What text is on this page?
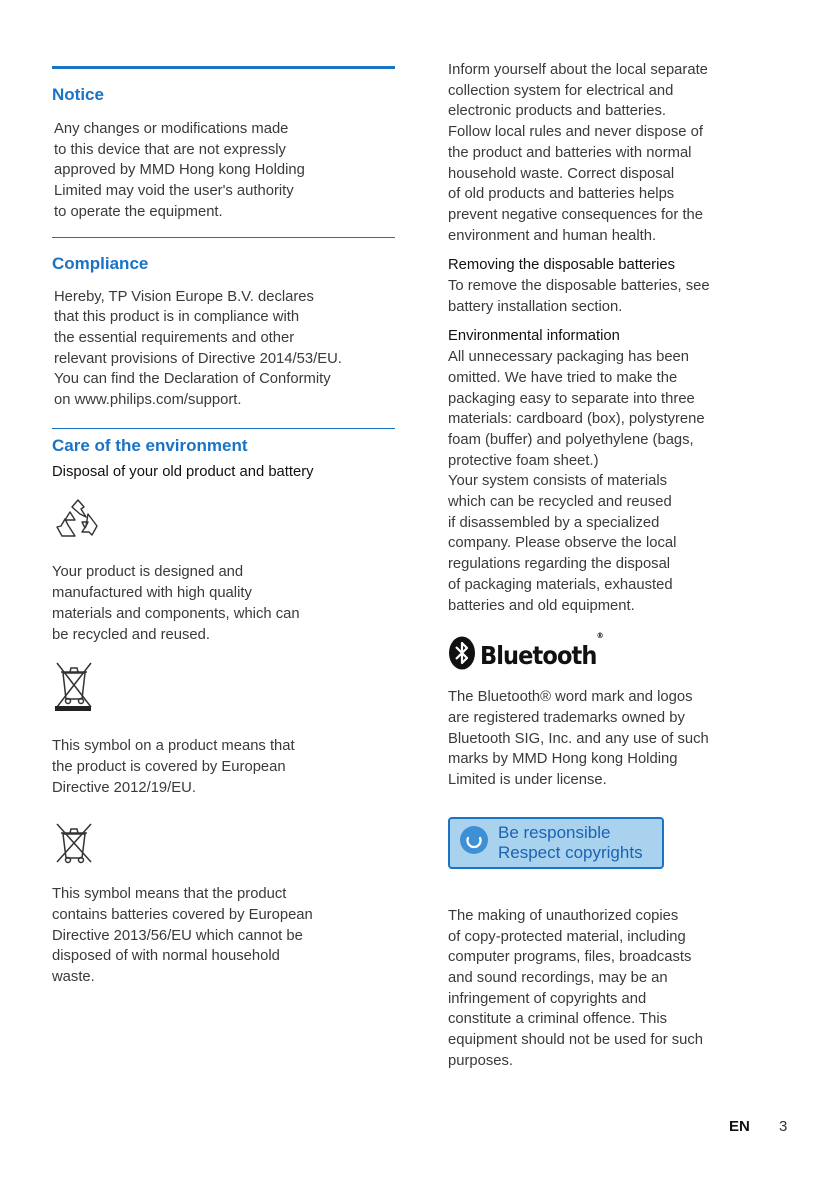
Notice

Any changes or modifications made
to this device that are not expressly
approved by MMD Hong kong Holding
Limited may void the user's authority
to operate the equipment.

Compliance

Hereby, TP Vision Europe B.V. declares
that this product is in compliance with
the essential requirements and other
relevant provisions of Directive 2014/53/EU.
You can find the Declaration of Conformity
on www.philips.com/support.

Care of the environment

Disposal of your old product and battery

Your product is designed and
manufactured with high quality
materials and components, which can
be recycled and reused.

This symbol on a product means that
the product is covered by European
Directive 2012/19/EU.

This symbol means that the product
contains batteries covered by European
Directive 2013/56/EU which cannot be
disposed of with normal household
waste.

Inform yourself about the local separate
collection system for electrical and
electronic products and batteries.
Follow local rules and never dispose of
the product and batteries with normal
household waste. Correct disposal
of old products and batteries helps
prevent negative consequences for the
environment and human health.

Removing the disposable batteries

To remove the disposable batteries, see
battery installation section.

Environmental information

All unnecessary packaging has been
omitted. We have tried to make the
packaging easy to separate into three
materials: cardboard (box), polystyrene
foam (buffer) and polyethylene (bags,
protective foam sheet.)
Your system consists of materials
which can be recycled and reused
if disassembled by a specialized
company. Please observe the local
regulations regarding the disposal
of packaging materials, exhausted
batteries and old equipment.

Bluetooth®

The Bluetooth® word mark and logos
are registered trademarks owned by
Bluetooth SIG, Inc. and any use of such
marks by MMD Hong kong Holding
Limited is under license.

Be responsible
Respect copyrights

The making of unauthorized copies
of copy-protected material, including
computer programs, files, broadcasts
and sound recordings, may be an
infringement of copyrights and
constitute a criminal offence. This
equipment should not be used for such
purposes.

EN 3
